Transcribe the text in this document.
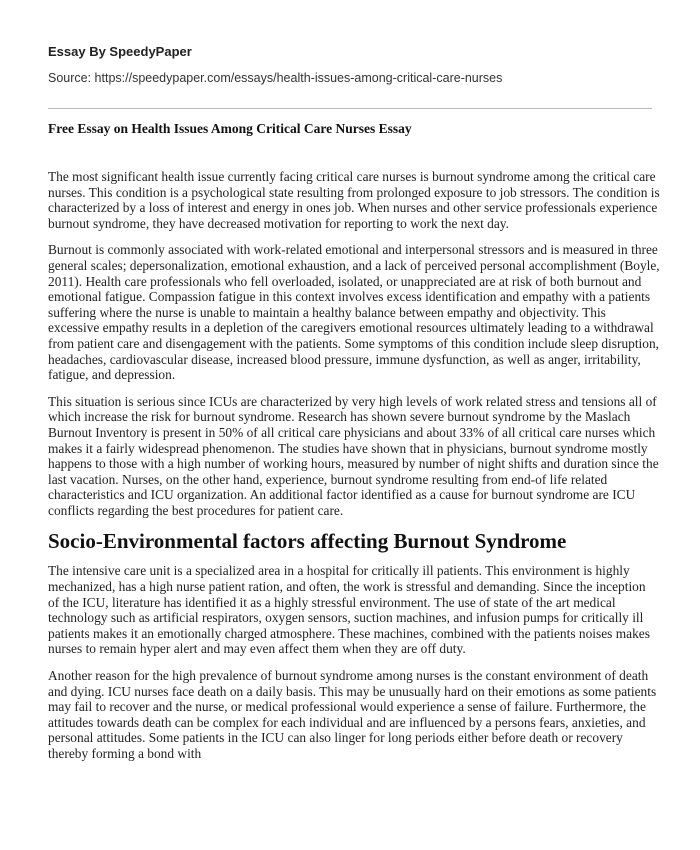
Essay By SpeedyPaper
Source: https://speedypaper.com/essays/health-issues-among-critical-care-nurses
Free Essay on Health Issues Among Critical Care Nurses Essay

The most significant health issue currently facing critical care nurses is burnout syndrome among the critical care nurses. This condition is a psychological state resulting from prolonged exposure to job stressors. The condition is characterized by a loss of interest and energy in ones job. When nurses and other service professionals experience burnout syndrome, they have decreased motivation for reporting to work the next day.

Burnout is commonly associated with work-related emotional and interpersonal stressors and is measured in three general scales; depersonalization, emotional exhaustion, and a lack of perceived personal accomplishment (Boyle, 2011). Health care professionals who fell overloaded, isolated, or unappreciated are at risk of both burnout and emotional fatigue. Compassion fatigue in this context involves excess identification and empathy with a patients suffering where the nurse is unable to maintain a healthy balance between empathy and objectivity. This excessive empathy results in a depletion of the caregivers emotional resources ultimately leading to a withdrawal from patient care and disengagement with the patients. Some symptoms of this condition include sleep disruption, headaches, cardiovascular disease, increased blood pressure, immune dysfunction, as well as anger, irritability, fatigue, and depression.

This situation is serious since ICUs are characterized by very high levels of work related stress and tensions all of which increase the risk for burnout syndrome. Research has shown severe burnout syndrome by the Maslach Burnout Inventory is present in 50% of all critical care physicians and about 33% of all critical care nurses which makes it a fairly widespread phenomenon. The studies have shown that in physicians, burnout syndrome mostly happens to those with a high number of working hours, measured by number of night shifts and duration since the last vacation. Nurses, on the other hand, experience, burnout syndrome resulting from end-of life related characteristics and ICU organization. An additional factor identified as a cause for burnout syndrome are ICU conflicts regarding the best procedures for patient care.

Socio-Environmental factors affecting Burnout Syndrome

The intensive care unit is a specialized area in a hospital for critically ill patients. This environment is highly mechanized, has a high nurse patient ration, and often, the work is stressful and demanding. Since the inception of the ICU, literature has identified it as a highly stressful environment. The use of state of the art medical technology such as artificial respirators, oxygen sensors, suction machines, and infusion pumps for critically ill patients makes it an emotionally charged atmosphere. These machines, combined with the patients noises makes nurses to remain hyper alert and may even affect them when they are off duty.

Another reason for the high prevalence of burnout syndrome among nurses is the constant environment of death and dying. ICU nurses face death on a daily basis. This may be unusually hard on their emotions as some patients may fail to recover and the nurse, or medical professional would experience a sense of failure. Furthermore, the attitudes towards death can be complex for each individual and are influenced by a persons fears, anxieties, and personal attitudes. Some patients in the ICU can also linger for long periods either before death or recovery thereby forming a bond with
